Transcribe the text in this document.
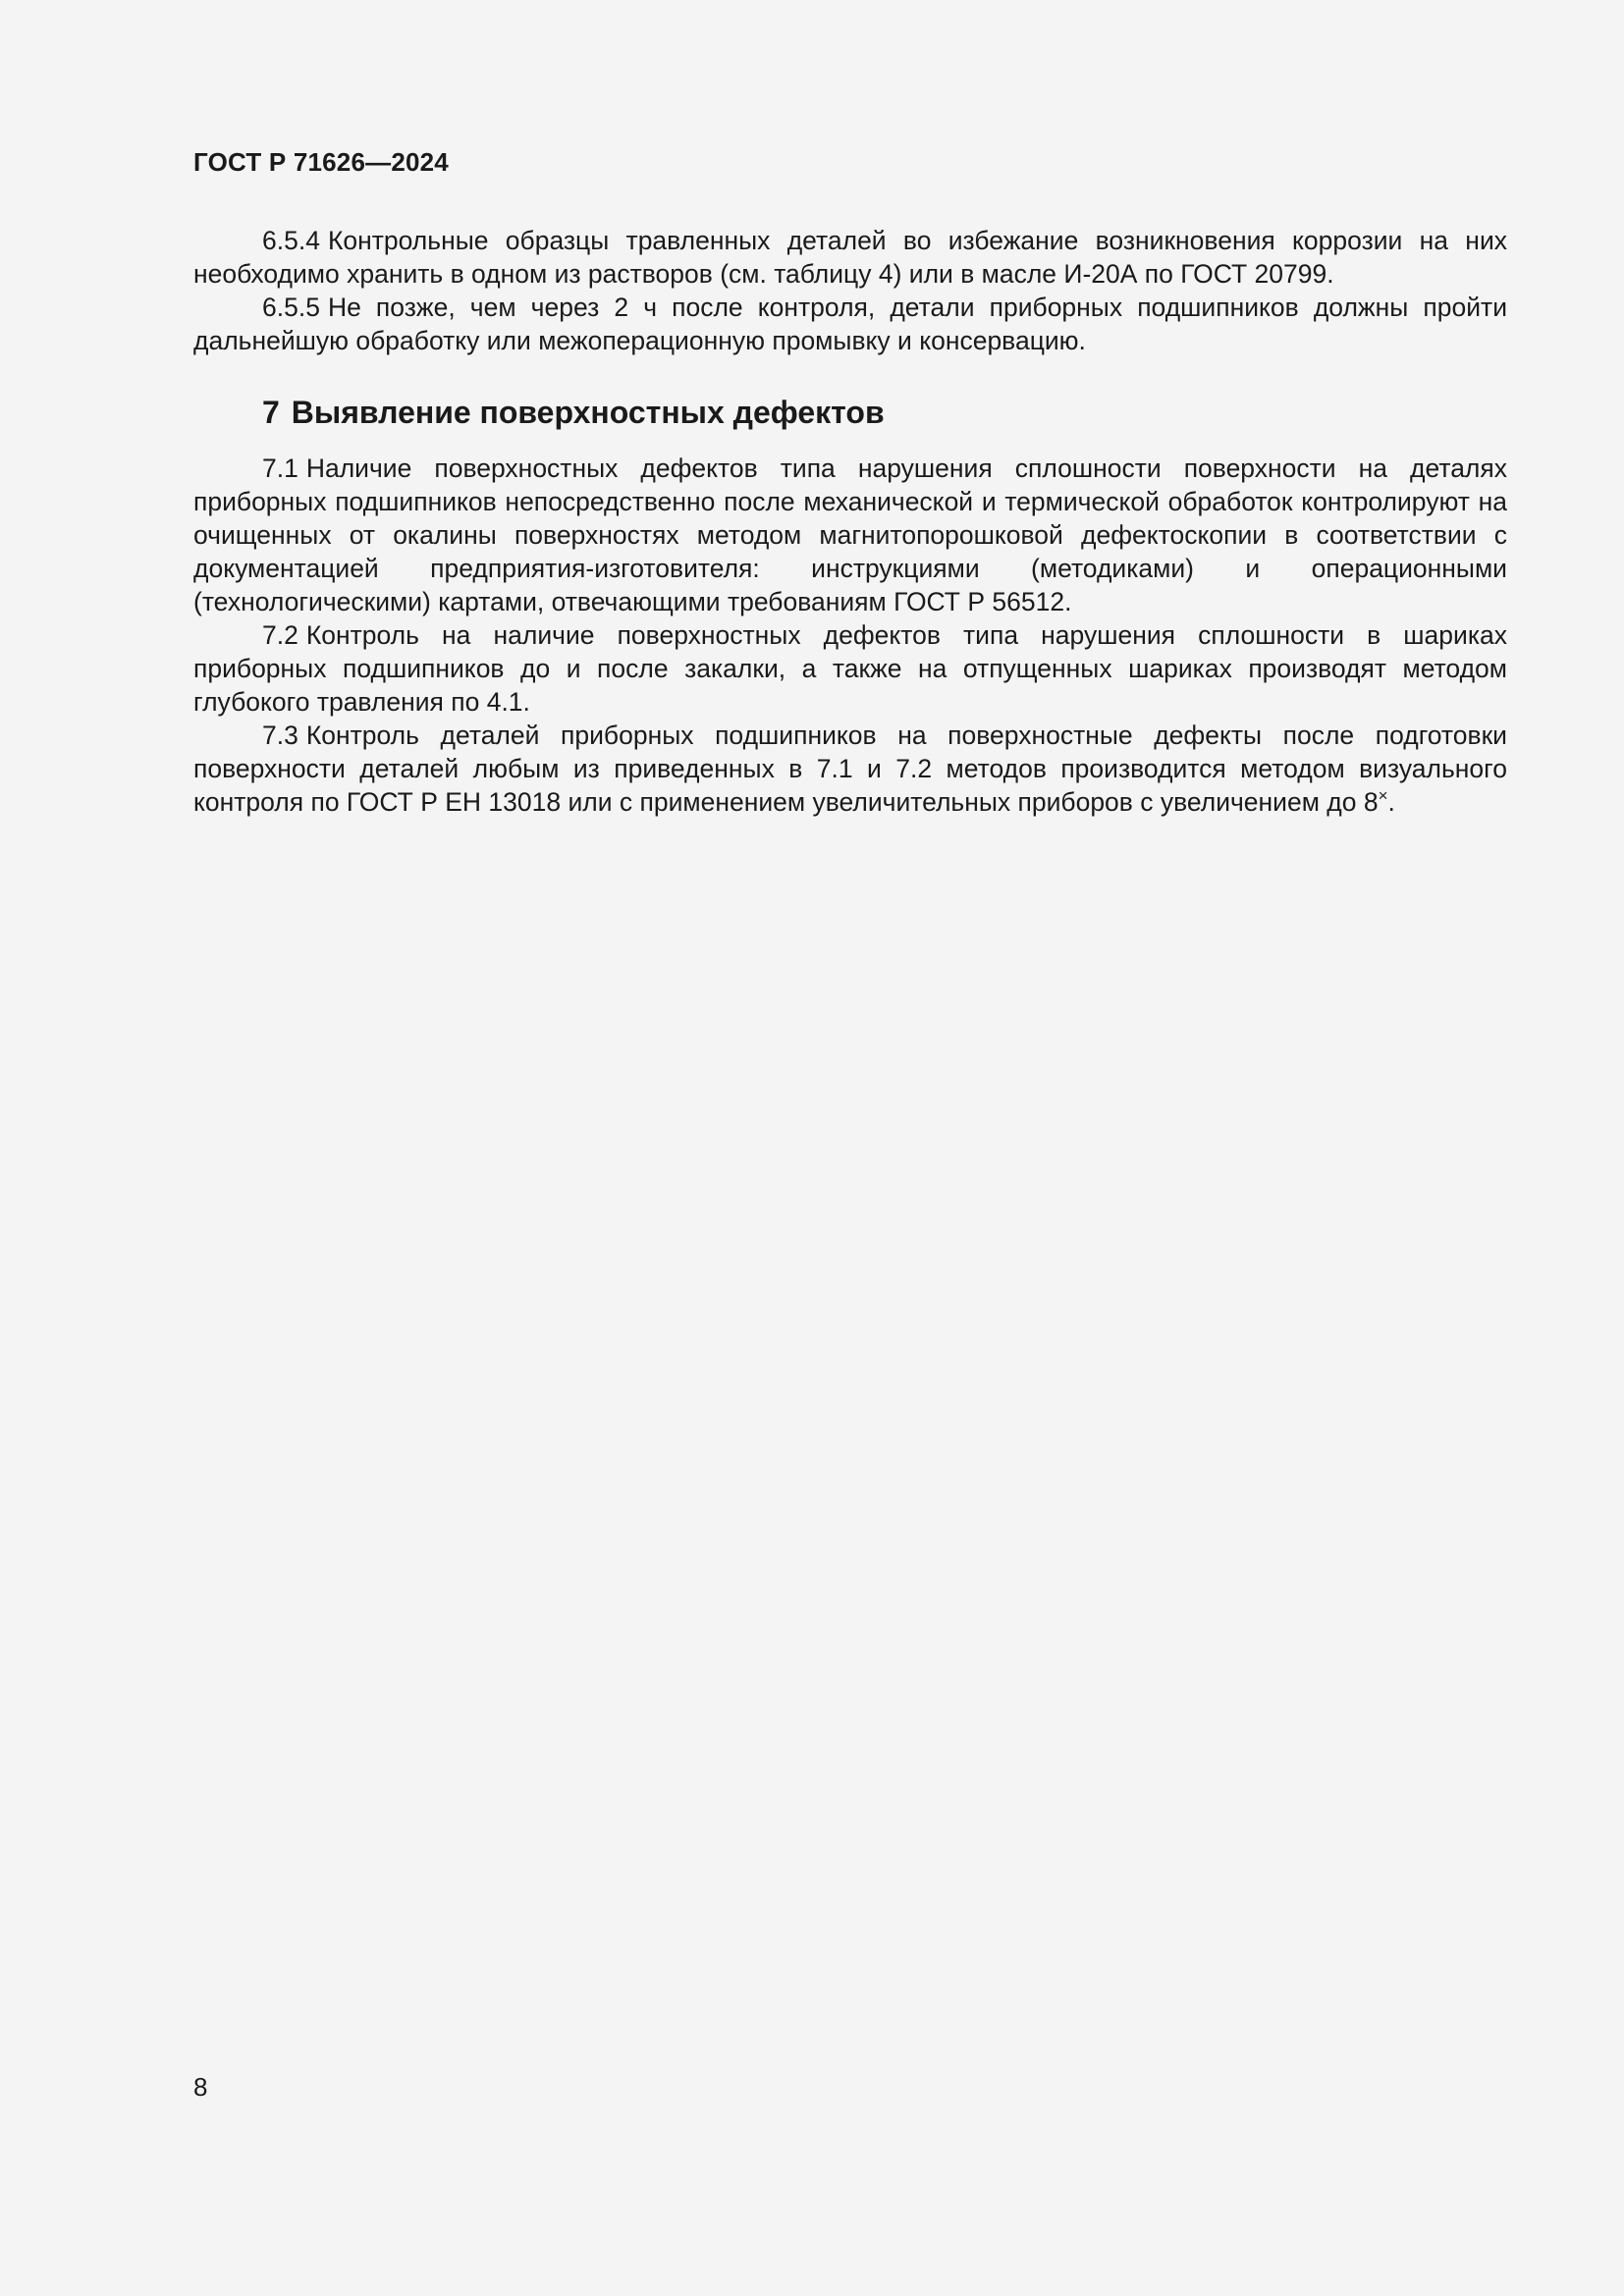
ГОСТ Р 71626—2024

6.5.4 Контрольные образцы травленных деталей во избежание возникновения коррозии на них необходимо хранить в одном из растворов (см. таблицу 4) или в масле И-20А по ГОСТ 20799.

6.5.5 Не позже, чем через 2 ч после контроля, детали приборных подшипников должны пройти дальнейшую обработку или межоперационную промывку и консервацию.

7 Выявление поверхностных дефектов

7.1 Наличие поверхностных дефектов типа нарушения сплошности поверхности на деталях приборных подшипников непосредственно после механической и термической обработок контролируют на очищенных от окалины поверхностях методом магнитопорошковой дефектоскопии в соответствии с документацией предприятия-изготовителя: инструкциями (методиками) и операционными (технологическими) картами, отвечающими требованиям ГОСТ Р 56512.

7.2 Контроль на наличие поверхностных дефектов типа нарушения сплошности в шариках приборных подшипников до и после закалки, а также на отпущенных шариках производят методом глубокого травления по 4.1.

7.3 Контроль деталей приборных подшипников на поверхностные дефекты после подготовки поверхности деталей любым из приведенных в 7.1 и 7.2 методов производится методом визуального контроля по ГОСТ Р ЕН 13018 или с применением увеличительных приборов с увеличением до 8×.

8
